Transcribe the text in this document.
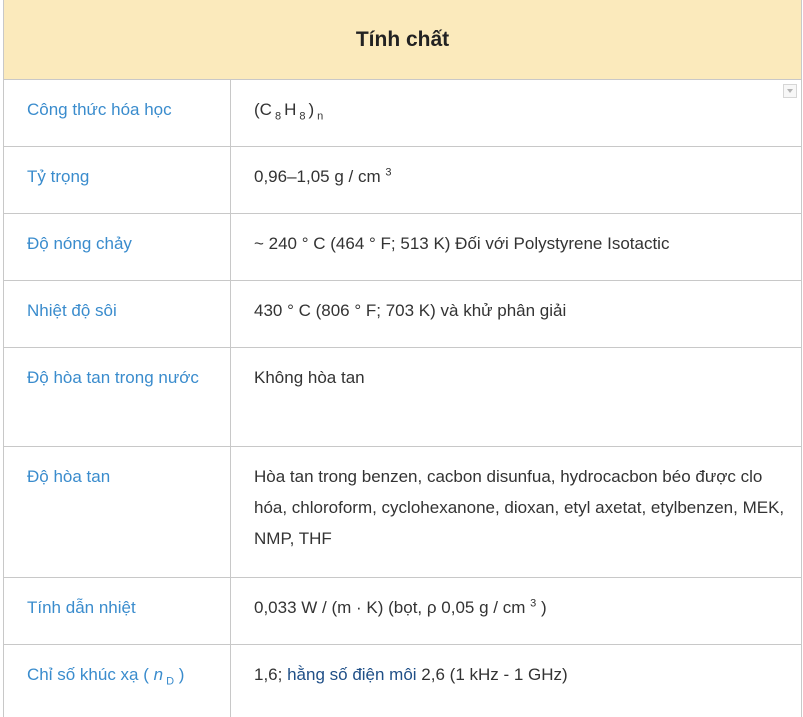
Tính chất
Công thức hóa học	(C $_8$ H $_8$ ) $_n$
Tỷ trọng	0,96–1,05 g / cm $^3$
Độ nóng chảy	~ 240 ° C (464 ° F; 513 K) Đối với Polystyrene Isotactic
Nhiệt độ sôi	430 ° C (806 ° F; 703 K) và khử phân giải
Độ hòa tan trong nước	Không hòa tan
Độ hòa tan	Hòa tan trong benzen, cacbon disunfua, hydrocacbon béo được clo hóa, chloroform, cyclohexanone, dioxan, etyl axetat, etylbenzen, MEK, NMP, THF
Tính dẫn nhiệt	0,033 W / (m · K) (bọt, ρ 0,05 g / cm $^3$ )
Chỉ số khúc xạ ( n $_D$ )	1,6; hằng số điện môi 2,6 (1 kHz - 1 GHz)
